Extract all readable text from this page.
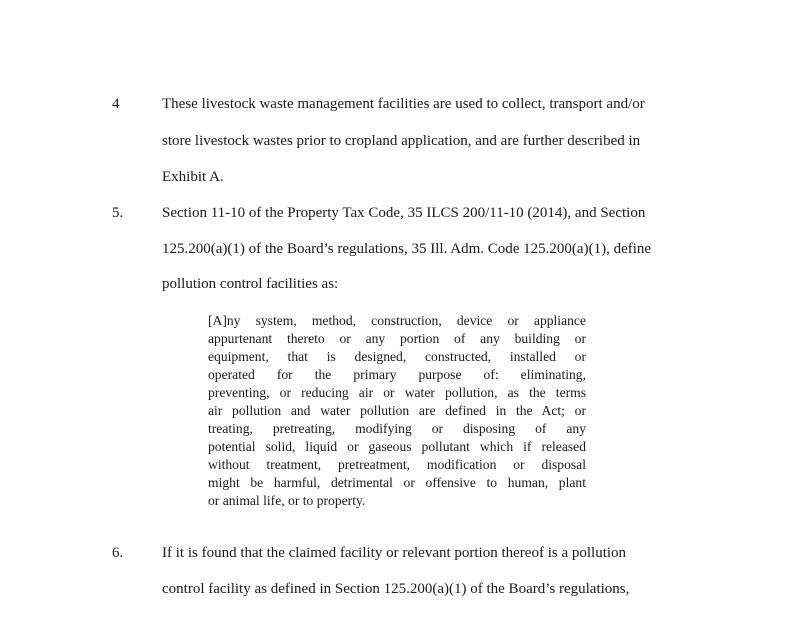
4	These livestock waste management facilities are used to collect, transport and/or
store livestock wastes prior to cropland application, and are further described in
Exhibit A.
5.	Section 11-10 of the Property Tax Code, 35 ILCS 200/11-10 (2014), and Section
125.200(a)(1) of the Board’s regulations, 35 Ill. Adm. Code 125.200(a)(1), define
pollution control facilities as:
[A]ny system, method, construction, device or appliance
appurtenant thereto or any portion of any building or
equipment, that is designed, constructed, installed or
operated for the primary purpose of: eliminating,
preventing, or reducing air or water pollution, as the terms
air pollution and water pollution are defined in the Act; or
treating, pretreating, modifying or disposing of any
potential solid, liquid or gaseous pollutant which if released
without treatment, pretreatment, modification or disposal
might be harmful, detrimental or offensive to human, plant
or animal life, or to property.
6.	If it is found that the claimed facility or relevant portion thereof is a pollution
control facility as defined in Section 125.200(a)(1) of the Board’s regulations,
